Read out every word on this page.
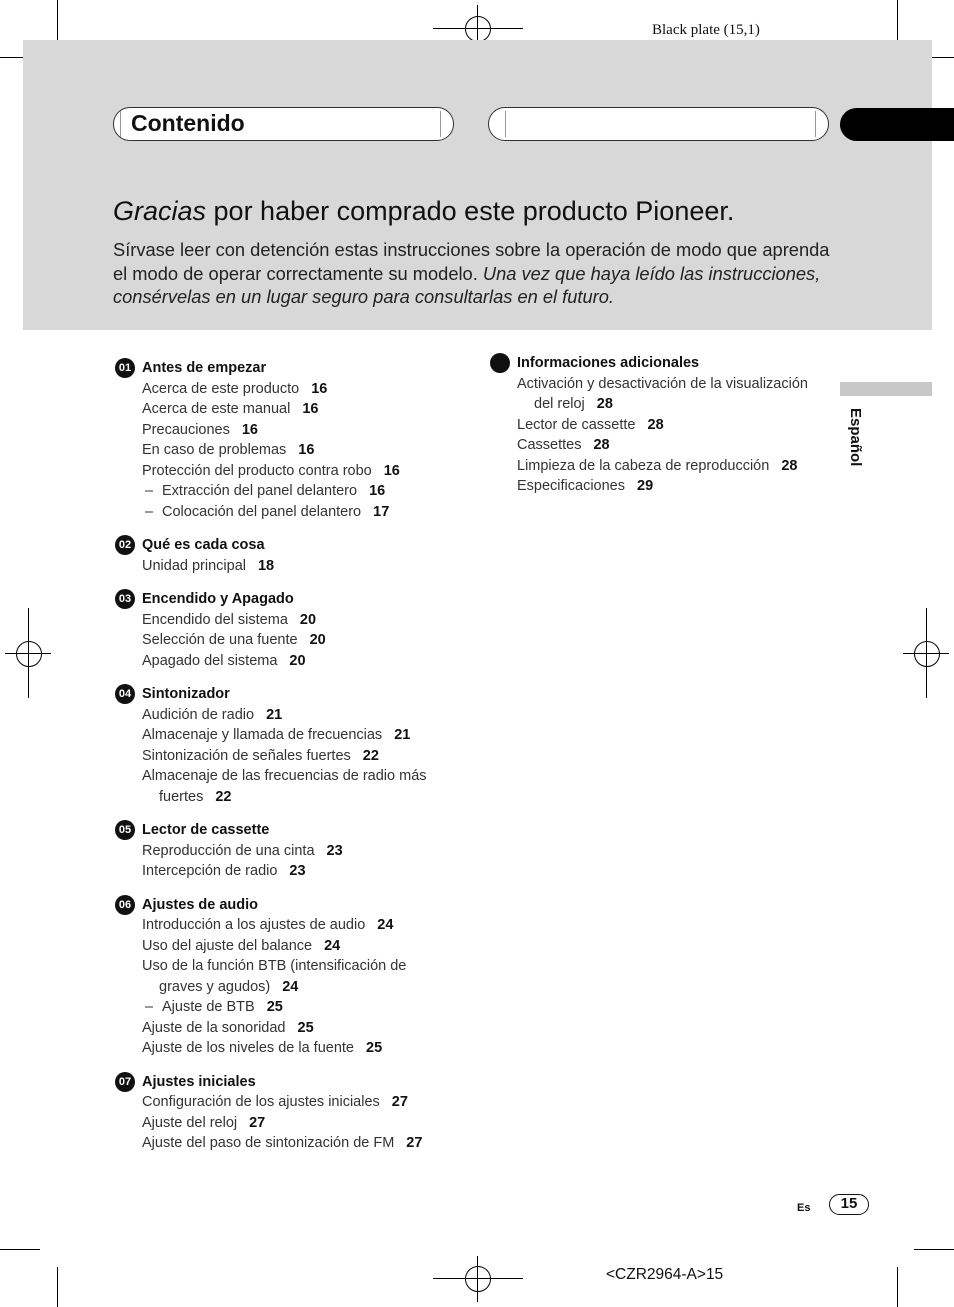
Black plate (15,1)
Contenido
Gracias por haber comprado este producto Pioneer.
Sírvase leer con detención estas instrucciones sobre la operación de modo que aprenda el modo de operar correctamente su modelo. Una vez que haya leído las instrucciones, consérvelas en un lugar seguro para consultarlas en el futuro.
01 Antes de empezar
Acerca de este producto 16
Acerca de este manual 16
Precauciones 16
En caso de problemas 16
Protección del producto contra robo 16
– Extracción del panel delantero 16
– Colocación del panel delantero 17
02 Qué es cada cosa
Unidad principal 18
03 Encendido y Apagado
Encendido del sistema 20
Selección de una fuente 20
Apagado del sistema 20
04 Sintonizador
Audición de radio 21
Almacenaje y llamada de frecuencias 21
Sintonización de señales fuertes 22
Almacenaje de las frecuencias de radio más
fuertes 22
05 Lector de cassette
Reproducción de una cinta 23
Intercepción de radio 23
06 Ajustes de audio
Introducción a los ajustes de audio 24
Uso del ajuste del balance 24
Uso de la función BTB (intensificación de
graves y agudos) 24
– Ajuste de BTB 25
Ajuste de la sonoridad 25
Ajuste de los niveles de la fuente 25
07 Ajustes iniciales
Configuración de los ajustes iniciales 27
Ajuste del reloj 27
Ajuste del paso de sintonización de FM 27
Informaciones adicionales
Activación y desactivación de la visualización
del reloj 28
Lector de cassette 28
Cassettes 28
Limpieza de la cabeza de reproducción 28
Especificaciones 29
Español
Es	15
<CZR2964-A>15
